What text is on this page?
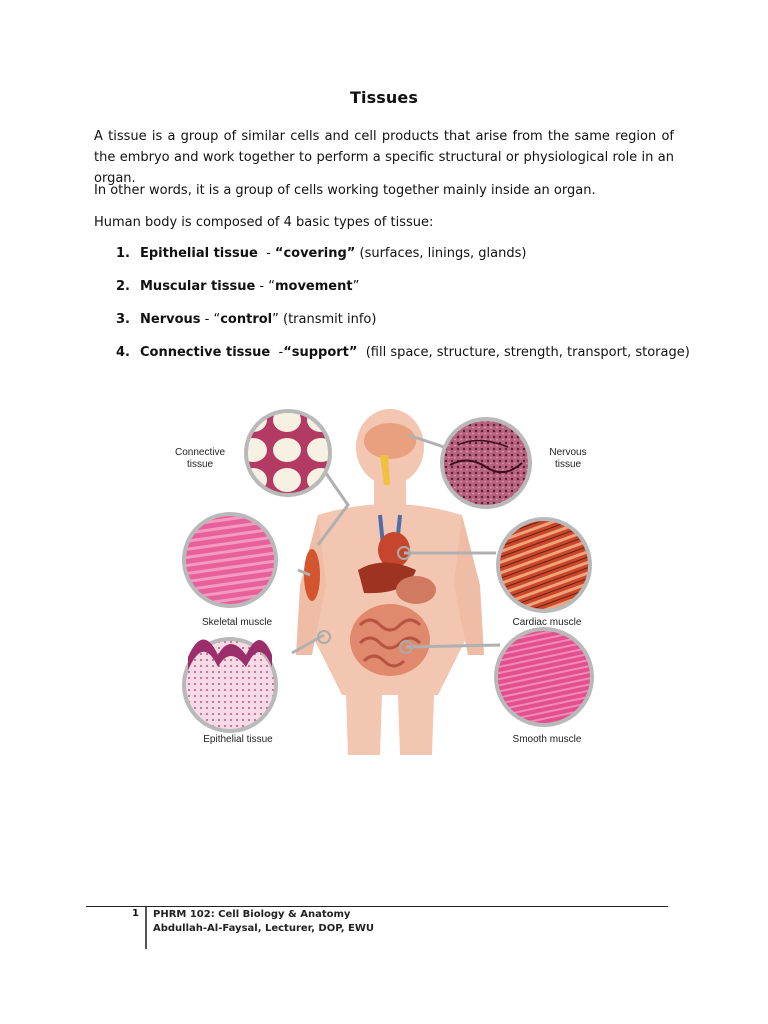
Tissues
A tissue is a group of similar cells and cell products that arise from the same region of the embryo and work together to perform a specific structural or physiological role in an organ.
In other words, it is a group of cells working together mainly inside an organ.
Human body is composed of 4 basic types of tissue:
1. Epithelial tissue  - “covering” (surfaces, linings, glands)
2. Muscular tissue - “movement”
3. Nervous - “control” (transmit info)
4. Connective tissue  -“support”  (fill space, structure, strength, transport, storage)
Connective
tissue
Nervous
tissue
Skeletal muscle	Cardiac muscle
Epithelial tissue	Smooth muscle
1 PHRM 102: Cell Biology & Anatomy
Abdullah-Al-Faysal, Lecturer, DOP, EWU
